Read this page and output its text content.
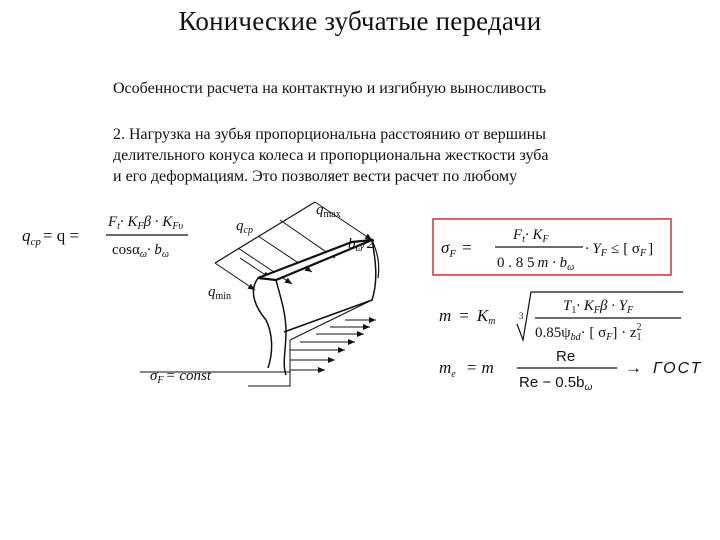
Конические зубчатые передачи
Особенности расчета на контактную и изгибную выносливость
2. Нагрузка на зубья пропорциональна расстоянию от вершины
делительного конуса колеса и пропорциональна жесткости зуба
и его деформациям. Это позволяет вести расчет по любому
$q_{cp} = q$ =
$F_t\cdot K_F\beta \cdot K_{F\upsilon}$
$\cos\alpha_\omega\cdot b_\omega$
$q_{max}$
$q_{cp}$
$q_{min}$
$b_\omega/2$
$\sigma_F$ = const
$\sigma_F$ =
$F_t\cdot K_F$
0 . 8 5 $m \cdot b_\omega$
· $Y_F$ ≤ [ $\sigma_F$ ]
m = Km	3
$T_1\cdot K_F\beta \cdot Y_F$
$0.85\psi_{bd}\cdot$ [ $\sigma_F] \cdot z_12$
$m_e = m$
Re
$Re - 0.5b_\omega$
→ ГОСТ
